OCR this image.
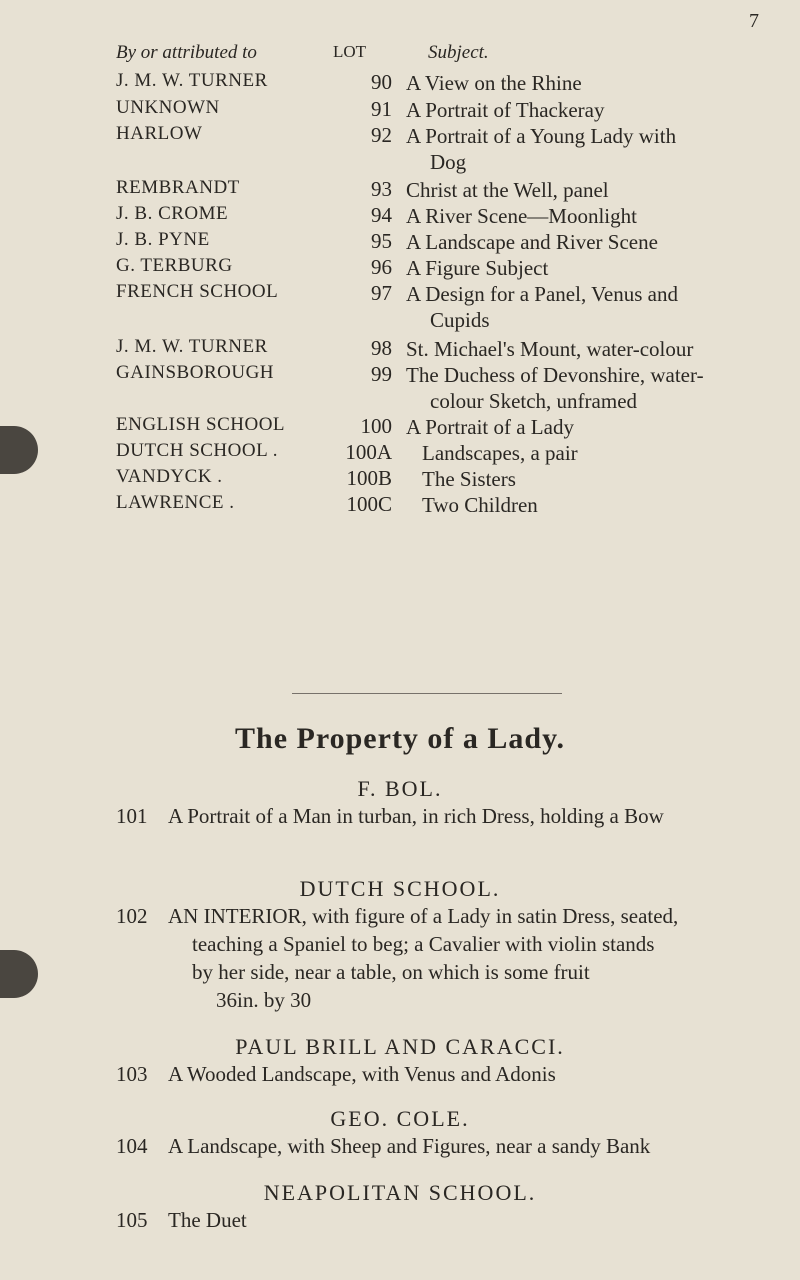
7
By or attributed to	LOT	Subject.
J. M. W. TURNER	90 A View on the Rhine
UNKNOWN	91 A Portrait of Thackeray
HARLOW	92 A Portrait of a Young Lady with
Dog
REMBRANDT	93 Christ at the Well, panel
J. B. CROME	94 A River Scene—Moonlight
J. B. PYNE	95 A Landscape and River Scene
G. TERBURG	96 A Figure Subject
FRENCH SCHOOL	97 A Design for a Panel, Venus and
Cupids
J. M. W. TURNER	98 St. Michael's Mount, water-colour
GAINSBOROUGH	99 The Duchess of Devonshire, water-
colour Sketch, unframed
ENGLISH SCHOOL	100 A Portrait of a Lady
DUTCH SCHOOL .	100A Landscapes, a pair
VANDYCK .	100B The Sisters
LAWRENCE .	100C Two Children
The Property of a Lady.
F. BOL.
101 A Portrait of a Man in turban, in rich Dress, holding a Bow
DUTCH SCHOOL.
102 AN INTERIOR, with figure of a Lady in satin Dress, seated,
teaching a Spaniel to beg; a Cavalier with violin stands
by her side, near a table, on which is some fruit
36in. by 30
PAUL BRILL AND CARACCI.
103 A Wooded Landscape, with Venus and Adonis
GEO. COLE.
104 A Landscape, with Sheep and Figures, near a sandy Bank
NEAPOLITAN SCHOOL.
105 The Duet
